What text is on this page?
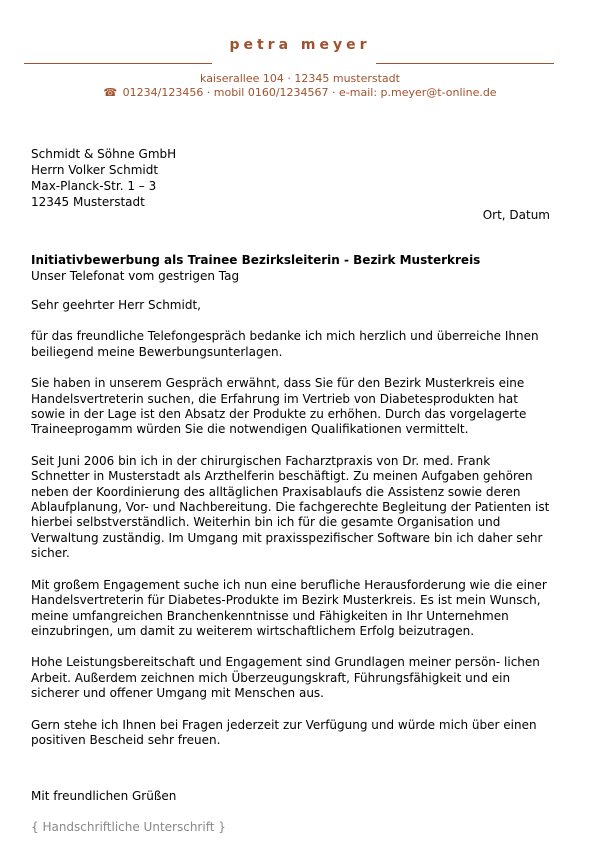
petra meyer
kaiserallee 104 · 12345 musterstadt
☎ 01234/123456 · mobil 0160/1234567 · e-mail: p.meyer@t-online.de
Schmidt & Söhne GmbH
Herrn Volker Schmidt
Max-Planck-Str. 1 – 3
12345 Musterstadt
Ort, Datum
Initiativbewerbung als Trainee Bezirksleiterin - Bezirk Musterkreis
Unser Telefonat vom gestrigen Tag

Sehr geehrter Herr Schmidt,

für das freundliche Telefongespräch bedanke ich mich herzlich und überreiche Ihnen beiliegend meine Bewerbungsunterlagen.

Sie haben in unserem Gespräch erwähnt, dass Sie für den Bezirk Musterkreis eine Handelsvertreterin suchen, die Erfahrung im Vertrieb von Diabetesprodukten hat sowie in der Lage ist den Absatz der Produkte zu erhöhen. Durch das vorgelagerte Traineeprogamm würden Sie die notwendigen Qualifikationen vermittelt.

Seit Juni 2006 bin ich in der chirurgischen Facharztpraxis von Dr. med. Frank Schnetter in Musterstadt als Arzthelferin beschäftigt. Zu meinen Aufgaben gehören neben der Koordinierung des alltäglichen Praxisablaufs die Assistenz sowie deren Ablaufplanung, Vor- und Nachbereitung. Die fachgerechte Begleitung der Patienten ist hierbei selbstverständlich. Weiterhin bin ich für die gesamte Organisation und Verwaltung zuständig. Im Umgang mit praxisspezifischer Software bin ich daher sehr sicher.

Mit großem Engagement suche ich nun eine berufliche Herausforderung wie die einer Handelsvertreterin für Diabetes-Produkte im Bezirk Musterkreis. Es ist mein Wunsch, meine umfangreichen Branchenkenntnisse und Fähigkeiten in Ihr Unternehmen einzubringen, um damit zu weiterem wirtschaftlichem Erfolg beizutragen.

Hohe Leistungsbereitschaft und Engagement sind Grundlagen meiner persön- lichen Arbeit. Außerdem zeichnen mich Überzeugungskraft, Führungsfähigkeit und ein sicherer und offener Umgang mit Menschen aus.

Gern stehe ich Ihnen bei Fragen jederzeit zur Verfügung und würde mich über einen positiven Bescheid sehr freuen.

Mit freundlichen Grüßen
{ Handschriftliche Unterschrift }
